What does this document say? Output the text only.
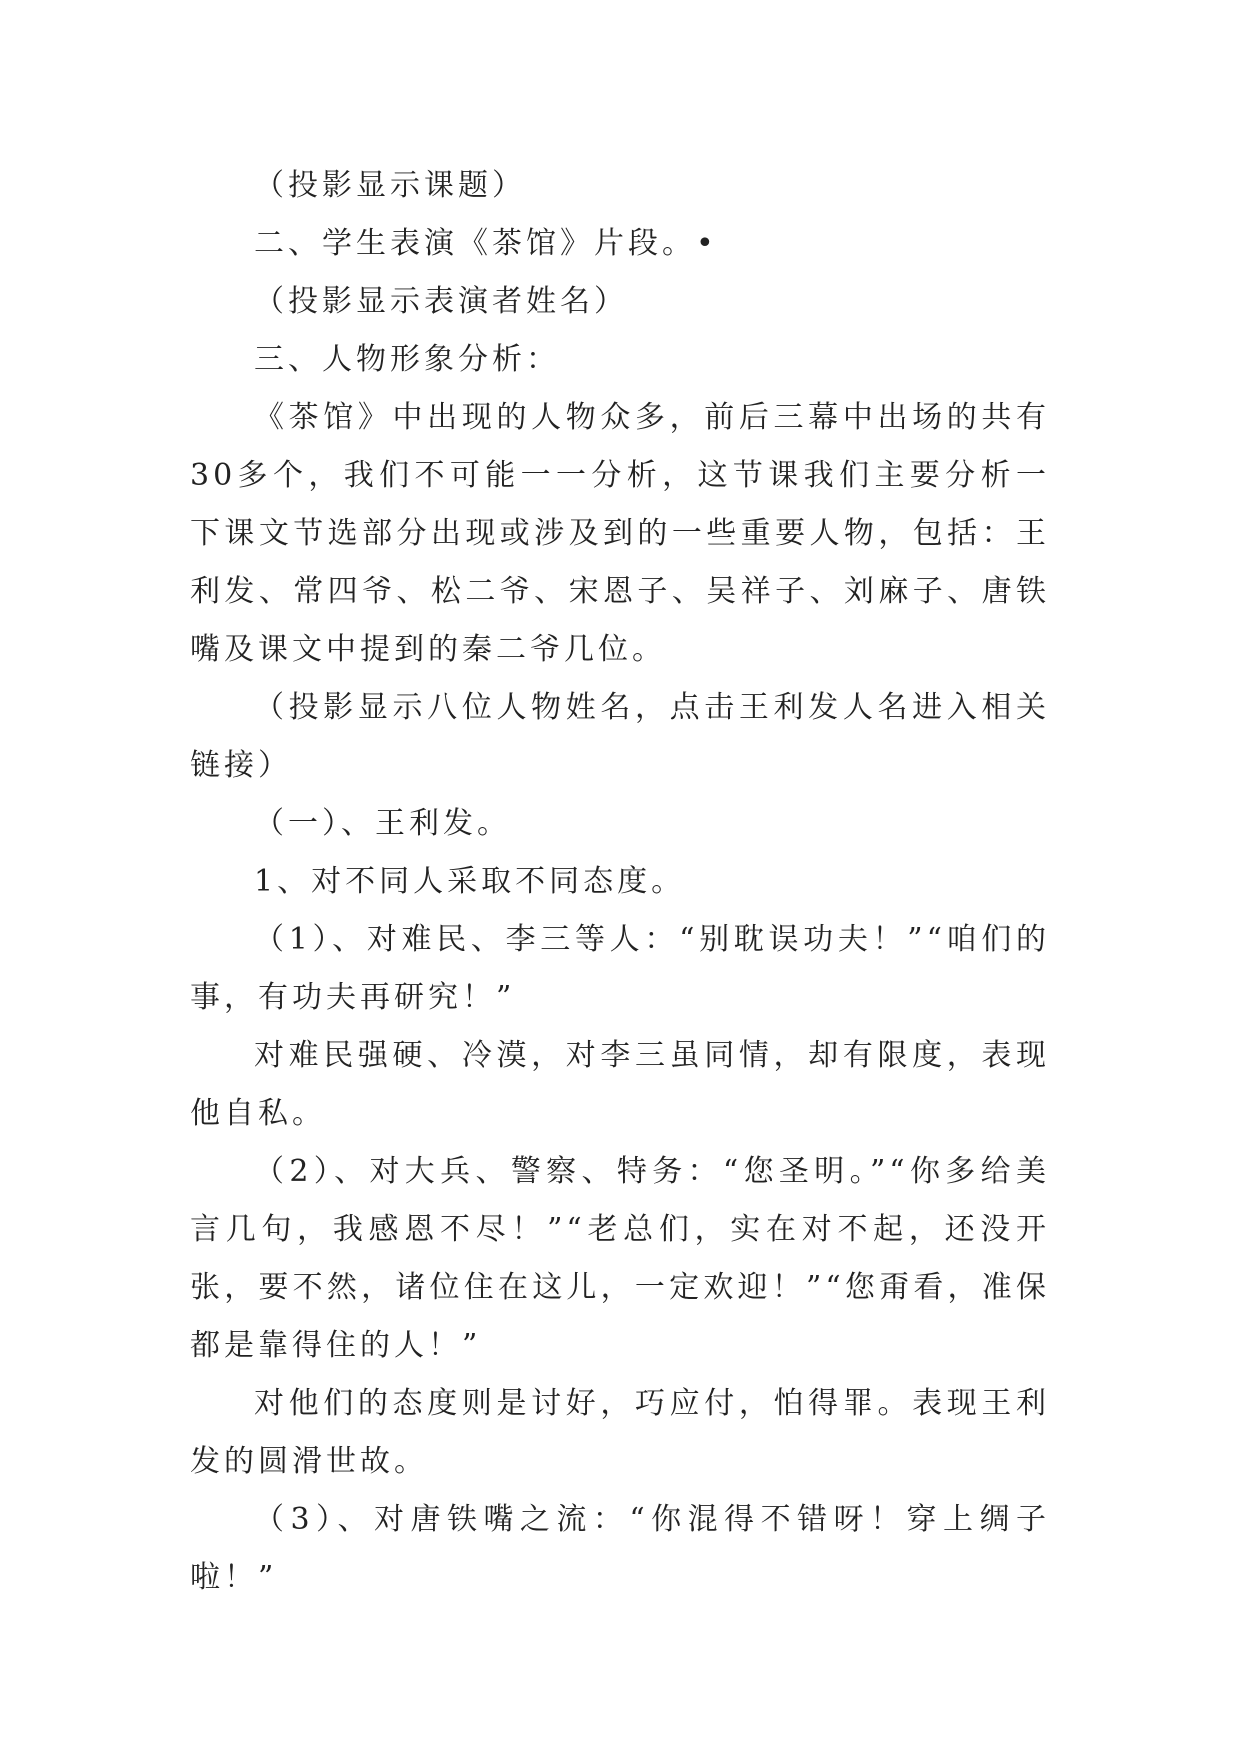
（投影显示课题）

二、学生表演《茶馆》片段。•

（投影显示表演者姓名）

三、人物形象分析：

《茶馆》中出现的人物众多，前后三幕中出场的共有30多个，我们不可能一一分析，这节课我们主要分析一下课文节选部分出现或涉及到的一些重要人物，包括：王利发、常四爷、松二爷、宋恩子、吴祥子、刘麻子、唐铁嘴及课文中提到的秦二爷几位。

（投影显示八位人物姓名，点击王利发人名进入相关链接）

（一）、王利发。

1、对不同人采取不同态度。

（1）、对难民、李三等人：“别耽误功夫！”“咱们的事，有功夫再研究！”

对难民强硬、冷漠，对李三虽同情，却有限度，表现他自私。

（2）、对大兵、警察、特务：“您圣明。”“你多给美言几句，我感恩不尽！”“老总们，实在对不起，还没开张，要不然，诸位住在这儿，一定欢迎！”“您甭看，准保都是靠得住的人！”

对他们的态度则是讨好，巧应付，怕得罪。表现王利发的圆滑世故。

（3）、对唐铁嘴之流：“你混得不错呀！穿上绸子啦！”
